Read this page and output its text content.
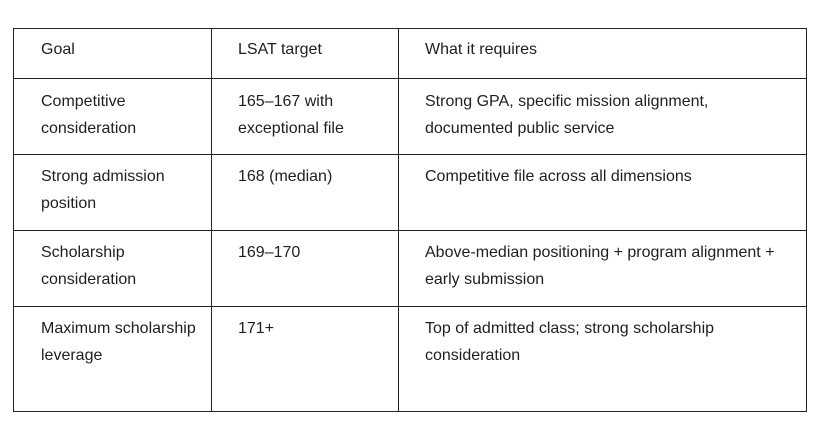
Goal	LSAT target	What it requires
Competitive consideration	165–167 with exceptional file	Strong GPA, specific mission alignment, documented public service
Strong admission position	168 (median)	Competitive file across all dimensions
Scholarship consideration	169–170	Above-median positioning + program alignment + early submission
Maximum scholarship leverage	171+	Top of admitted class; strong scholarship consideration
